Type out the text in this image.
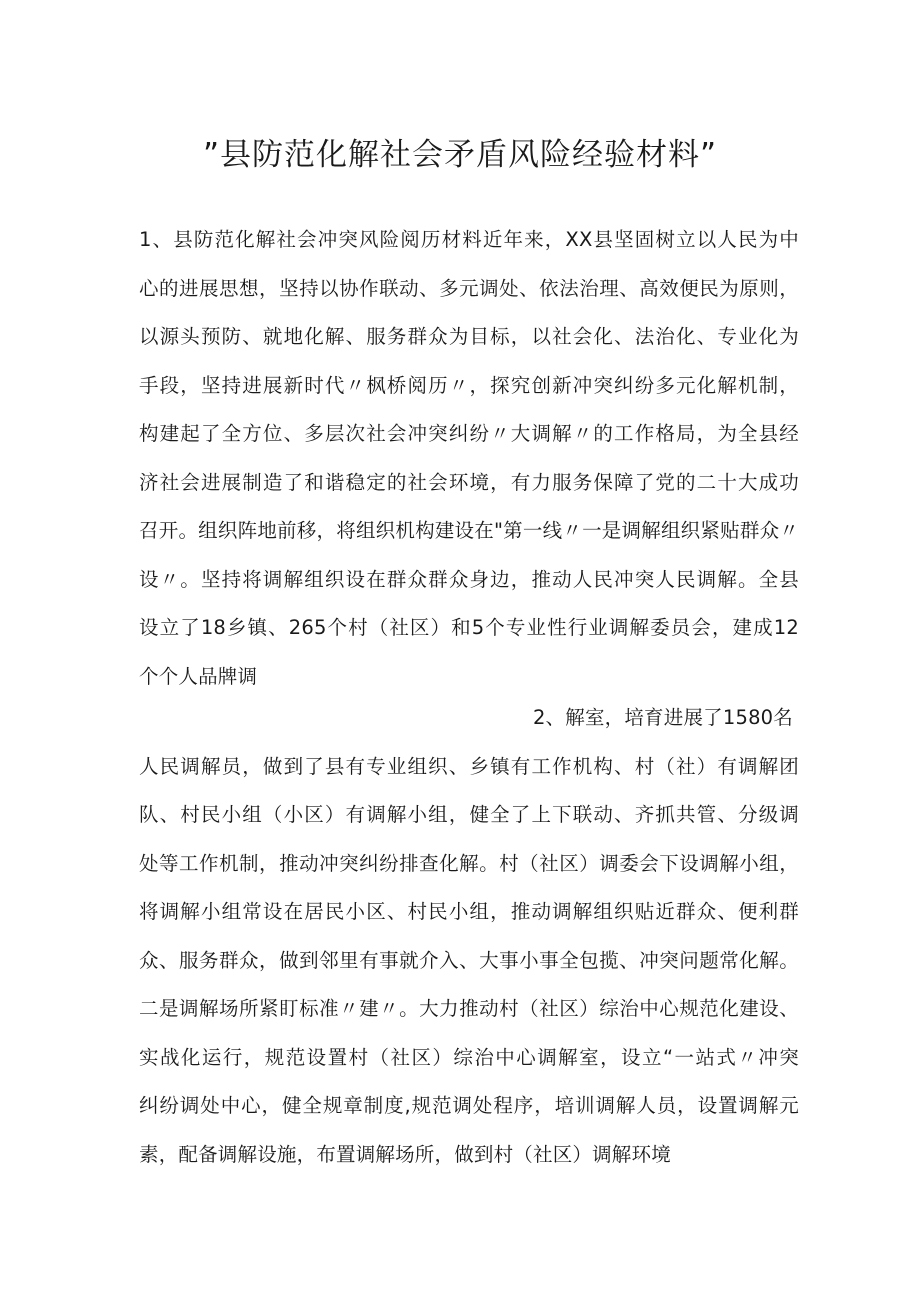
”县防范化解社会矛盾风险经验材料”
1、县防范化解社会冲突风险阅历材料近年来，XX县坚固树立以人民为中
心的进展思想，坚持以协作联动、多元调处、依法治理、高效便民为原则，
以源头预防、就地化解、服务群众为目标，以社会化、法治化、专业化为
手段，坚持进展新时代〃枫桥阅历〃，探究创新冲突纠纷多元化解机制，
构建起了全方位、多层次社会冲突纠纷〃大调解〃的工作格局，为全县经
济社会进展制造了和谐稳定的社会环境，有力服务保障了党的二十大成功
召开。组织阵地前移，将组织机构建设在"第一线〃一是调解组织紧贴群众〃
设〃。坚持将调解组织设在群众群众身边，推动人民冲突人民调解。全县
设立了18乡镇、265个村（社区）和5个专业性行业调解委员会，建成12
个个人品牌调
2、解室，培育进展了1580名
人民调解员，做到了县有专业组织、乡镇有工作机构、村（社）有调解团
队、村民小组（小区）有调解小组，健全了上下联动、齐抓共管、分级调
处等工作机制，推动冲突纠纷排查化解。村（社区）调委会下设调解小组，
将调解小组常设在居民小区、村民小组，推动调解组织贴近群众、便利群
众、服务群众，做到邻里有事就介入、大事小事全包揽、冲突问题常化解。
二是调解场所紧盯标准〃建〃。大力推动村（社区）综治中心规范化建设、
实战化运行，规范设置村（社区）综治中心调解室，设立“一站式〃冲突
纠纷调处中心，健全规章制度,规范调处程序，培训调解人员，设置调解元
素，配备调解设施，布置调解场所，做到村（社区）调解环境
